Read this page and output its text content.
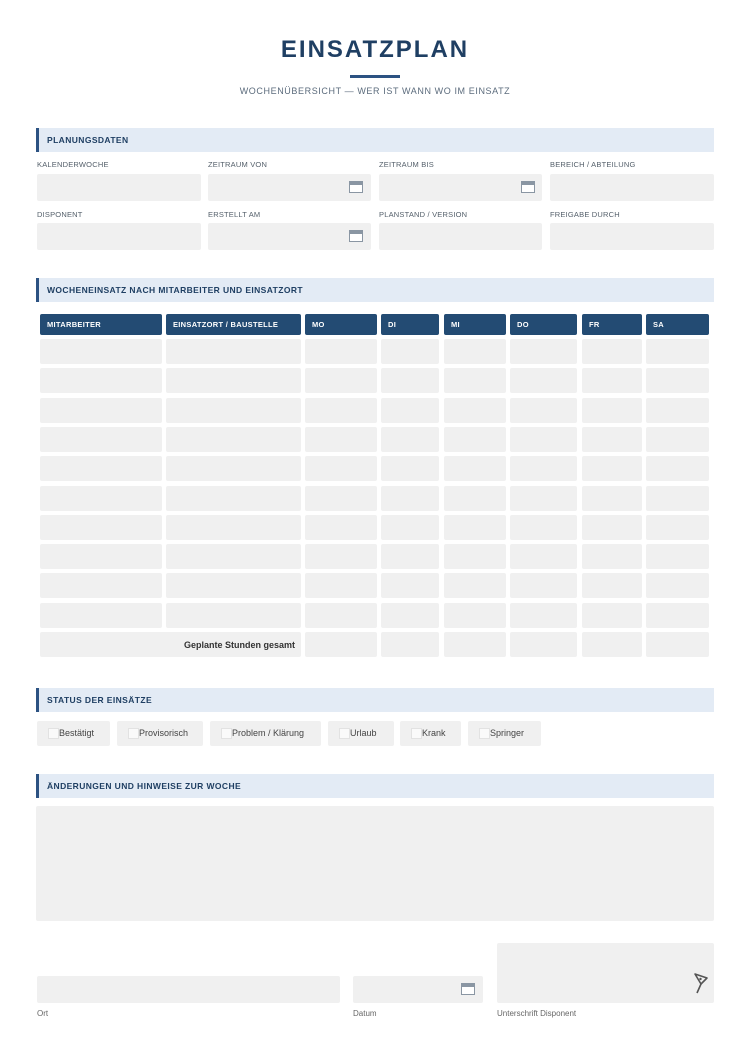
EINSATZPLAN
WOCHENÜBERSICHT — WER IST WANN WO IM EINSATZ
PLANUNGSDATEN
KALENDERWOCHE	ZEITRAUM VON	ZEITRAUM BIS	BEREICH / ABTEILUNG
DISPONENT	ERSTELLT AM	PLANSTAND / VERSION	FREIGABE DURCH
WOCHENEINSATZ NACH MITARBEITER UND EINSATZORT
MITARBEITER	EINSATZORT / BAUSTELLE	MO	DI	MI	DO	FR	SA
Geplante Stunden gesamt
STATUS DER EINSÄTZE
Bestätigt	Provisorisch	Problem / Klärung	Urlaub	Krank	Springer
ÄNDERUNGEN UND HINWEISE ZUR WOCHE
Ort	Datum	Unterschrift Disponent
